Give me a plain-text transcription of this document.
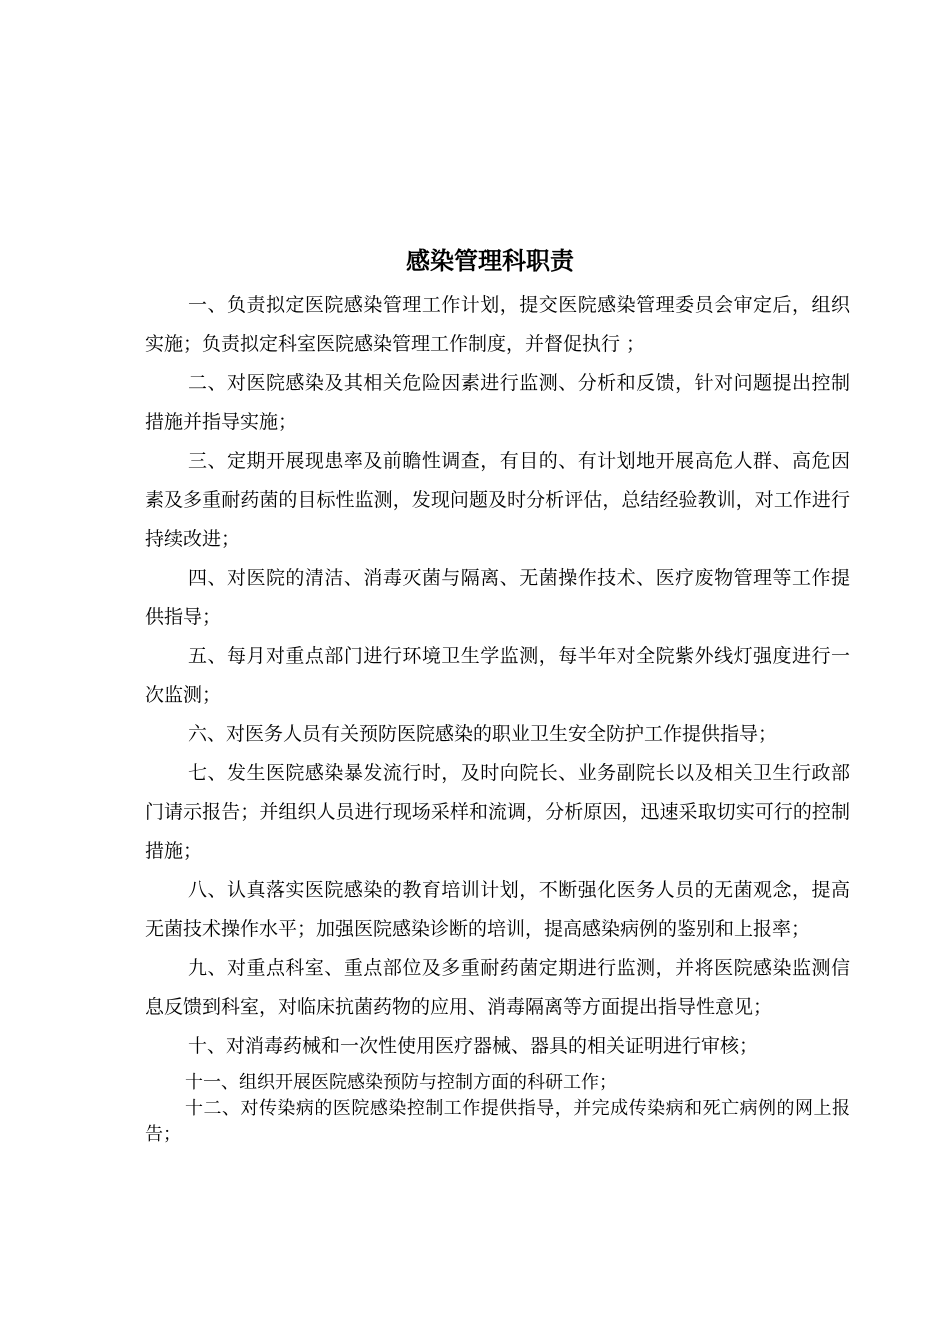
感染管理科职责

一、负责拟定医院感染管理工作计划，提交医院感染管理委员会审定后，组织实施；负责拟定科室医院感染管理工作制度，并督促执行 ；

二、对医院感染及其相关危险因素进行监测、分析和反馈，针对问题提出控制措施并指导实施；

三、定期开展现患率及前瞻性调查，有目的、有计划地开展高危人群、高危因素及多重耐药菌的目标性监测，发现问题及时分析评估，总结经验教训，对工作进行持续改进；

四、对医院的清洁、消毒灭菌与隔离、无菌操作技术、医疗废物管理等工作提供指导；

五、每月对重点部门进行环境卫生学监测，每半年对全院紫外线灯强度进行一次监测；

六、对医务人员有关预防医院感染的职业卫生安全防护工作提供指导；

七、发生医院感染暴发流行时，及时向院长、业务副院长以及相关卫生行政部门请示报告；并组织人员进行现场采样和流调，分析原因，迅速采取切实可行的控制措施；

八、认真落实医院感染的教育培训计划，不断强化医务人员的无菌观念，提高无菌技术操作水平；加强医院感染诊断的培训，提高感染病例的鉴别和上报率；

九、对重点科室、重点部位及多重耐药菌定期进行监测，并将医院感染监测信息反馈到科室，对临床抗菌药物的应用、消毒隔离等方面提出指导性意见；

十、对消毒药械和一次性使用医疗器械、器具的相关证明进行审核；

十一、组织开展医院感染预防与控制方面的科研工作；

十二、对传染病的医院感染控制工作提供指导，并完成传染病和死亡病例的网上报告；
